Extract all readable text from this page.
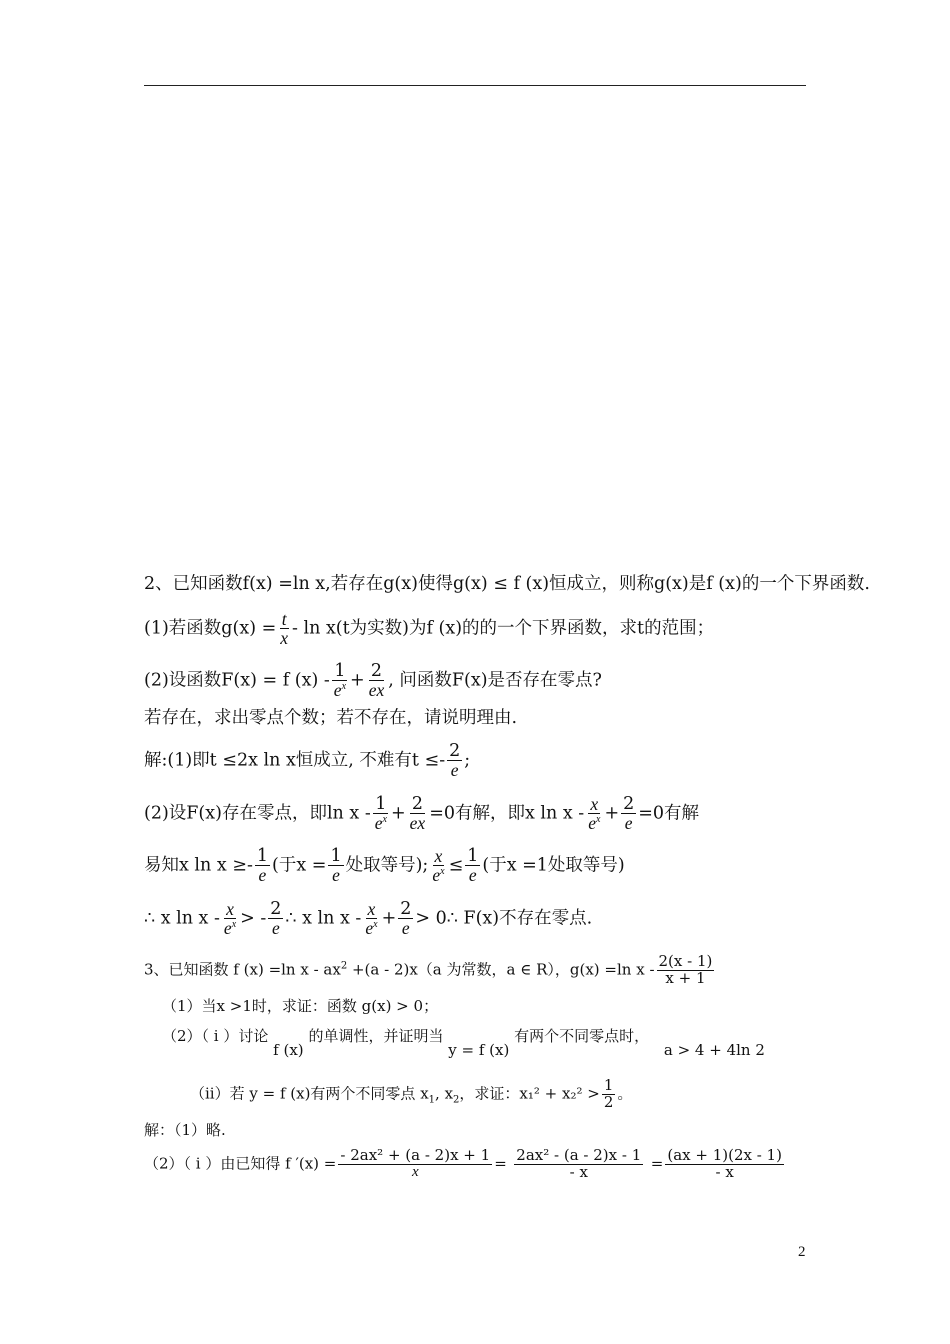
2、已知函数f(x) =ln x,若存在g(x)使得g(x) ≤ f (x)恒成立，则称g(x)是f (x)的一个下界函数.
(1)若函数$g(x) = \frac{t}{x} - \ln x(t$为实数)为f (x)的的一个下界函数，求t的范围；
(2)设函数F(x) = f $(x) - \frac{1}{e^x} + \frac{2}{ex}$ , 问函数F(x)是否存在零点?
若存在，求出零点个数；若不存在，请说明理由.
解:(1)即t ≤2x ln x恒成立, 不难有$t \le- \frac{2}{e}$ ;
(2)设F(x)存在零点，即$\ln x - \frac{1}{e^x} + \frac{2}{ex} =0$有解，即x $\ln x - \frac{x}{e^x} + \frac{2}{e} =0$有解
易知x $\ln x \ge- \frac{1}{e}$ (于$x = \frac{1}{e}$ 处取等号); $\frac{x}{e^x} \le \frac{1}{e}$ (于x =1处取等号)
∴ x ln x - $\frac{x}{e^x}$ > - $\frac{2}{e}$ ∴ x $\ln x - \frac{x}{e^x} + \frac{2}{e}$ > 0∴ F(x)不存在零点.
3、已知函数 f (x) =ln $x - ax^2 +(a - 2)x(a$ 为常数，a ∈ R），g(x) =ln x - $\frac{2(x - 1)}{x + 1}$
（1）当x >1时，求证：函数 g(x) > 0；
（2）（ i ）讨论 f (x) 的单调性，并证明当 y = f (x) 有两个不同零点时， a > 4 + 4ln 2
（ii）若 y = f (x)有两个不同零点 $x_1$, $x_2$，求证：$x_1^2 + x_2^2 > \frac{1}{2}$ 。
解：（1）略.
（2）（ i ）由已知得 f $'(x) = \frac{\text{- 2ax² + (a - 2)x + 1}}{x} = \frac{\text{2ax² - (a - 2)x - 1}}{- x} = \frac{(ax + 1)(2x - 1)}{- x}$
2
